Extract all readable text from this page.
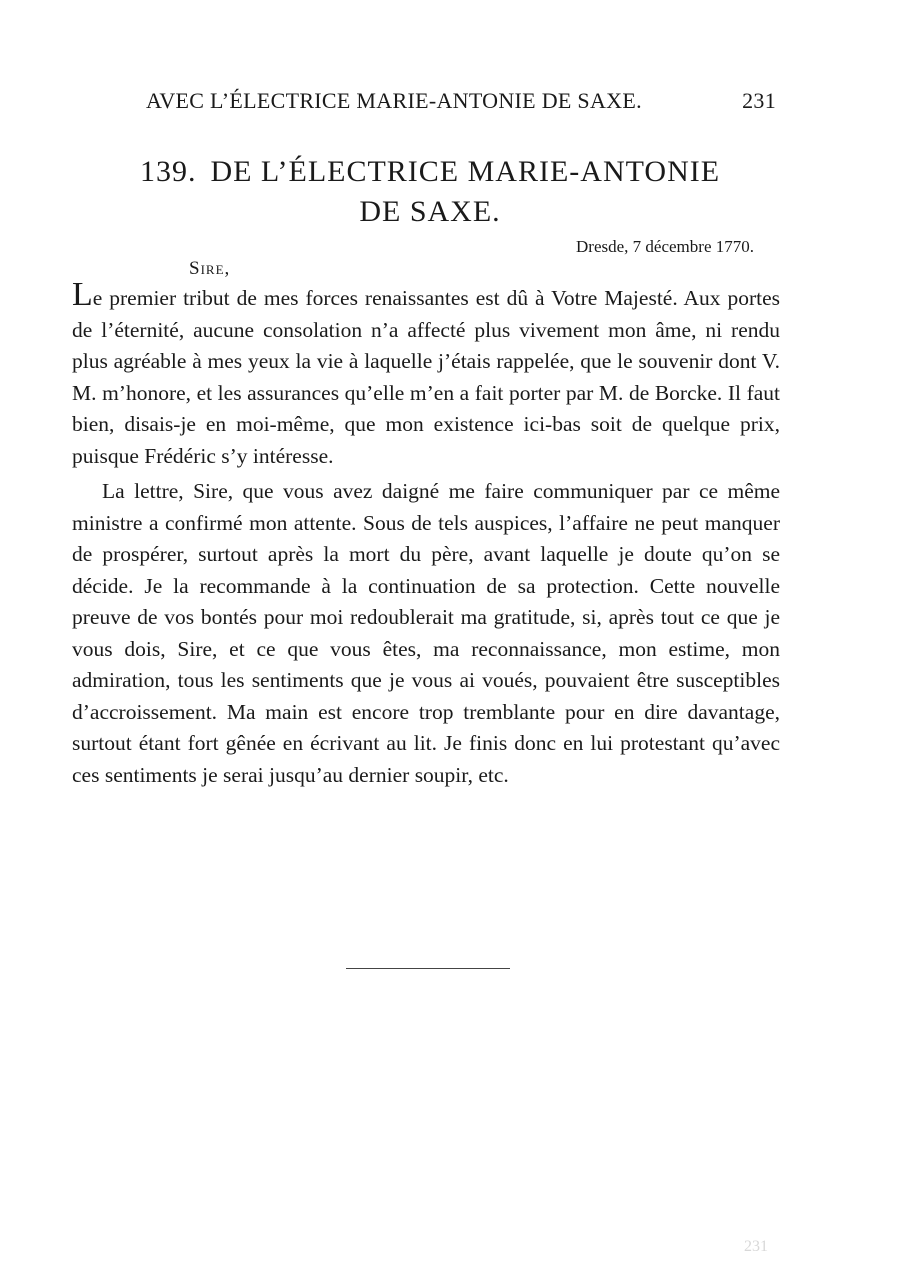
AVEC L’ÉLECTRICE MARIE-ANTONIE DE SAXE.	231
139. DE L’ÉLECTRICE MARIE-ANTONIE
DE SAXE.
Dresde, 7 décembre 1770.
Sire,

Le premier tribut de mes forces renaissantes est dû à Votre Majesté. Aux portes de l’éternité, aucune consolation n’a affecté plus vivement mon âme, ni rendu plus agréable à mes yeux la vie à laquelle j’étais rappelée, que le souvenir dont V. M. m’honore, et les assurances qu’elle m’en a fait porter par M. de Borcke. Il faut bien, disais-je en moi-même, que mon existence ici-bas soit de quelque prix, puisque Frédéric s’y intéresse.

La lettre, Sire, que vous avez daigné me faire communiquer par ce même ministre a confirmé mon attente. Sous de tels auspices, l’affaire ne peut manquer de prospérer, surtout après la mort du père, avant laquelle je doute qu’on se décide. Je la recommande à la continuation de sa protection. Cette nouvelle preuve de vos bontés pour moi redoublerait ma gratitude, si, après tout ce que je vous dois, Sire, et ce que vous êtes, ma reconnaissance, mon estime, mon admiration, tous les sentiments que je vous ai voués, pouvaient être susceptibles d’accroissement. Ma main est encore trop tremblante pour en dire davantage, surtout étant fort gênée en écrivant au lit. Je finis donc en lui protestant qu’avec ces sentiments je serai jusqu’au dernier soupir, etc.

231
